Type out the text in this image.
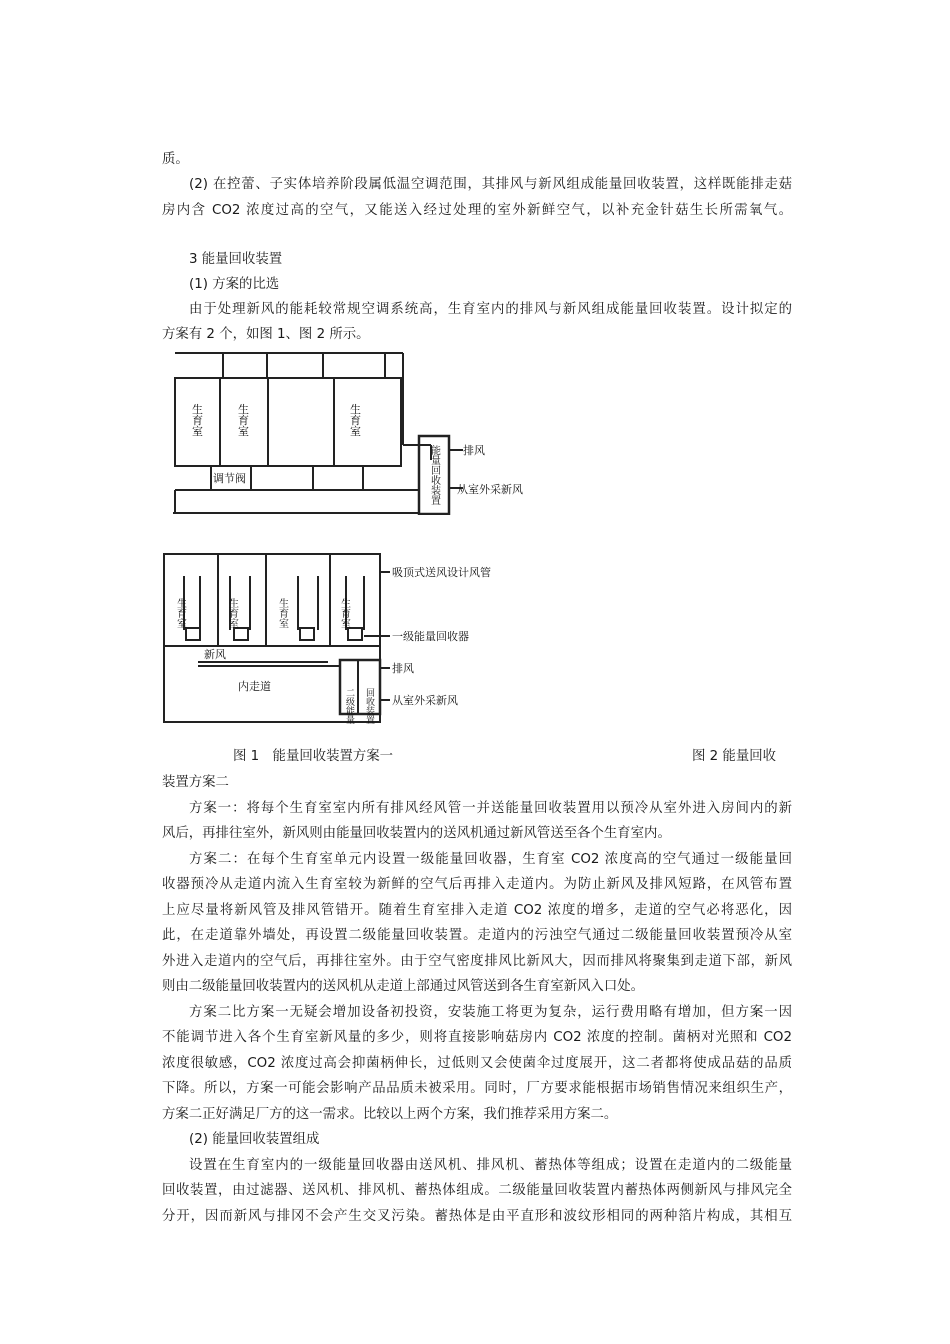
质。
(2) 在控蕾、子实体培养阶段属低温空调范围，其排风与新风组成能量回收装置，这样既能排走菇
房内含 CO2 浓度过高的空气，又能送入经过处理的室外新鲜空气，以补充金针菇生长所需氧气。
3 能量回收装置
(1) 方案的比选
由于处理新风的能耗较常规空调系统高，生育室内的排风与新风组成能量回收装置。设计拟定的
方案有 2 个，如图 1、图 2 所示。
生育室	生育室	生育室
调节阀	能量回收装置 排风
从室外采新风
生育室	生育室	生育室	生育室
吸顶式送风设计风管
一级能量回收器
新风
排风
内走道
二级能量 回收装置 从室外采新风
图 1　能量回收装置方案一	图 2 能量回收
装置方案二
方案一：将每个生育室室内所有排风经风管一并送能量回收装置用以预冷从室外进入房间内的新
风后，再排往室外，新风则由能量回收装置内的送风机通过新风管送至各个生育室内。
方案二：在每个生育室单元内设置一级能量回收器，生育室 CO2 浓度高的空气通过一级能量回
收器预冷从走道内流入生育室较为新鲜的空气后再排入走道内。为防止新风及排风短路，在风管布置
上应尽量将新风管及排风管错开。随着生育室排入走道 CO2 浓度的增多，走道的空气必将恶化，因
此，在走道靠外墙处，再设置二级能量回收装置。走道内的污浊空气通过二级能量回收装置预冷从室
外进入走道内的空气后，再排往室外。由于空气密度排风比新风大，因而排风将聚集到走道下部，新风
则由二级能量回收装置内的送风机从走道上部通过风管送到各生育室新风入口处。
方案二比方案一无疑会增加设备初投资，安装施工将更为复杂，运行费用略有增加，但方案一因
不能调节进入各个生育室新风量的多少，则将直接影响菇房内 CO2 浓度的控制。菌柄对光照和 CO2
浓度很敏感，CO2 浓度过高会抑菌柄伸长，过低则又会使菌伞过度展开，这二者都将使成品菇的品质
下降。所以，方案一可能会影响产品品质未被采用。同时，厂方要求能根据市场销售情况来组织生产，
方案二正好满足厂方的这一需求。比较以上两个方案，我们推荐采用方案二。
(2) 能量回收装置组成
设置在生育室内的一级能量回收器由送风机、排风机、蓄热体等组成；设置在走道内的二级能量
回收装置，由过滤器、送风机、排风机、蓄热体组成。二级能量回收装置内蓄热体两侧新风与排风完全
分开，因而新风与排冈不会产生交叉污染。蓄热体是由平直形和波纹形相同的两种箔片构成，其相互
